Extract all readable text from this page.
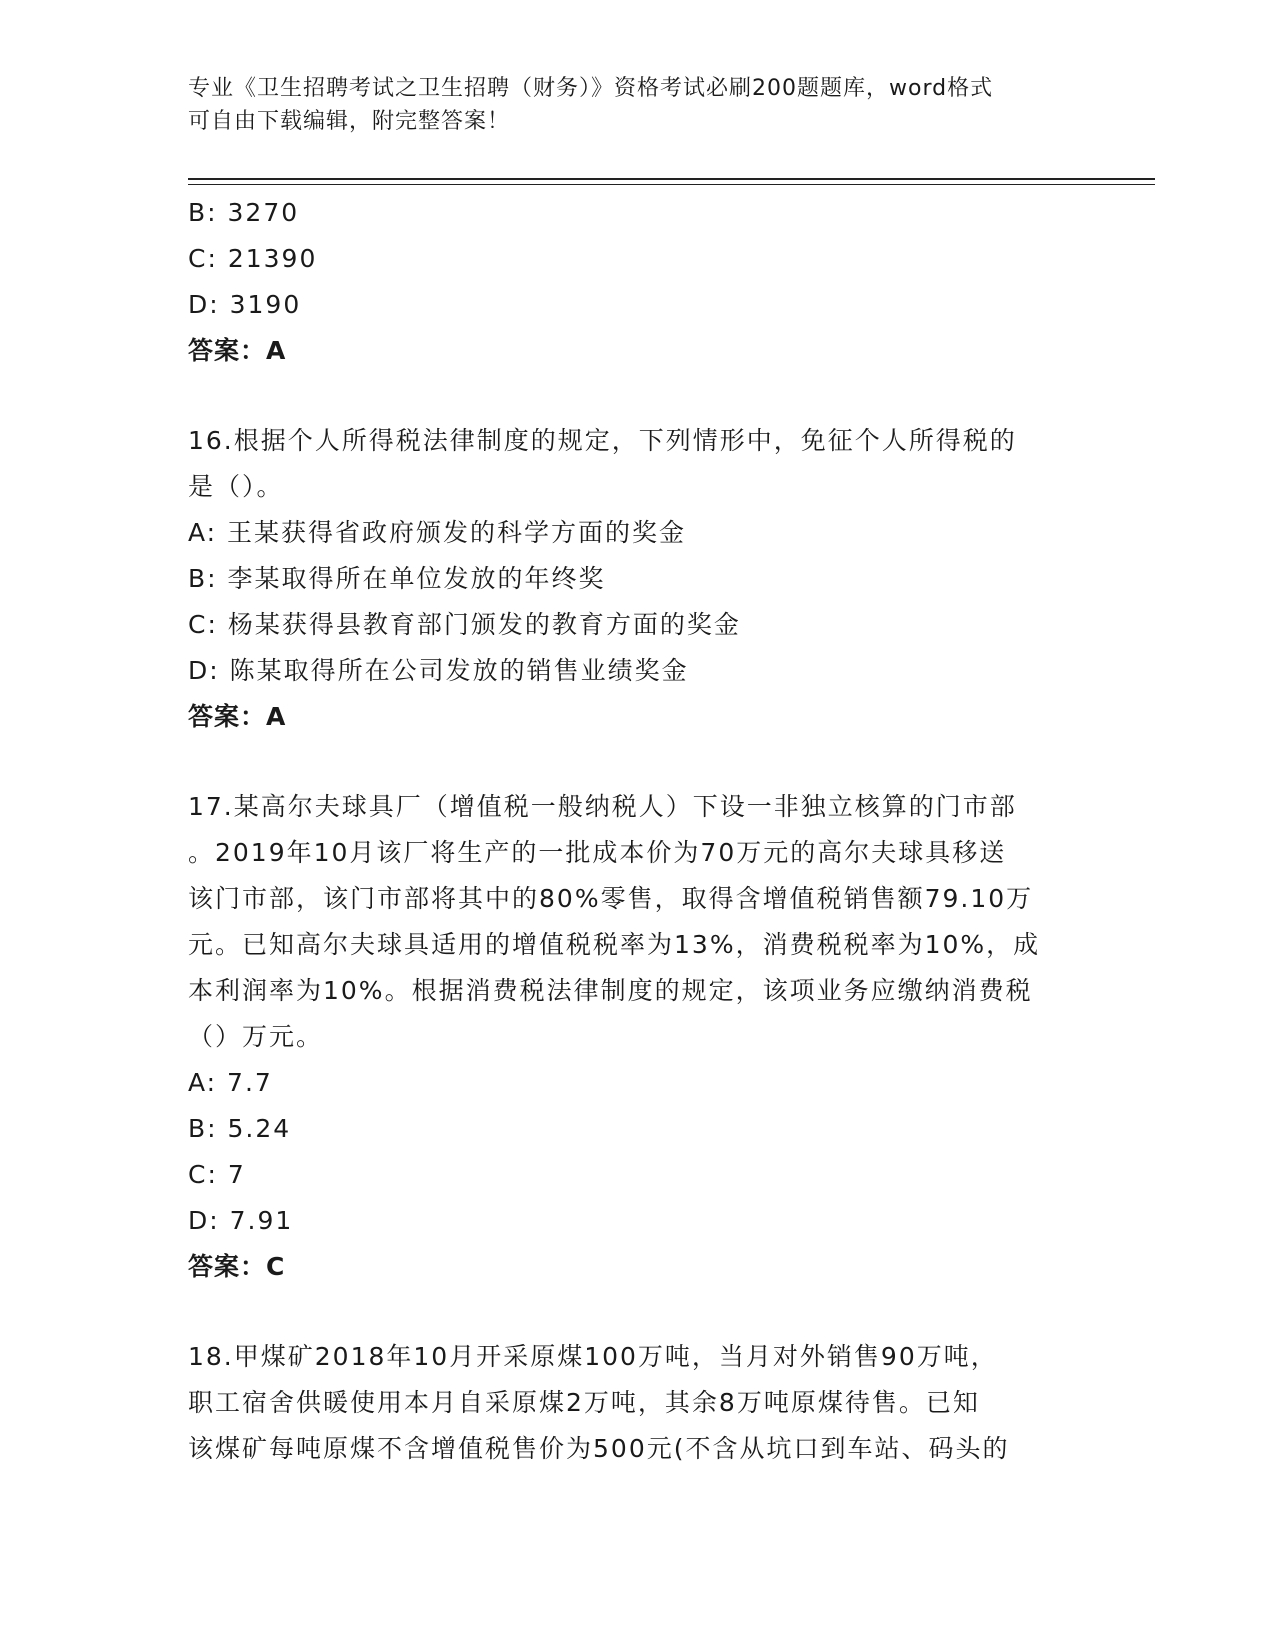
专业《卫生招聘考试之卫生招聘（财务）》资格考试必刷200题题库，word格式
可自由下载编辑，附完整答案！
B: 3270
C: 21390
D: 3190
答案：A
16.根据个人所得税法律制度的规定，下列情形中，免征个人所得税的
是（）。
A: 王某获得省政府颁发的科学方面的奖金
B: 李某取得所在单位发放的年终奖
C: 杨某获得县教育部门颁发的教育方面的奖金
D: 陈某取得所在公司发放的销售业绩奖金
答案：A
17.某高尔夫球具厂（增值税一般纳税人）下设一非独立核算的门市部
。2019年10月该厂将生产的一批成本价为70万元的高尔夫球具移送
该门市部，该门市部将其中的80%零售，取得含增值税销售额79.10万
元。已知高尔夫球具适用的增值税税率为13%，消费税税率为10%，成
本利润率为10%。根据消费税法律制度的规定，该项业务应缴纳消费税
（）万元。
A: 7.7
B: 5.24
C: 7
D: 7.91
答案：C
18.甲煤矿2018年10月开采原煤100万吨，当月对外销售90万吨，
职工宿舍供暖使用本月自采原煤2万吨，其余8万吨原煤待售。已知
该煤矿每吨原煤不含增值税售价为500元(不含从坑口到车站、码头的
